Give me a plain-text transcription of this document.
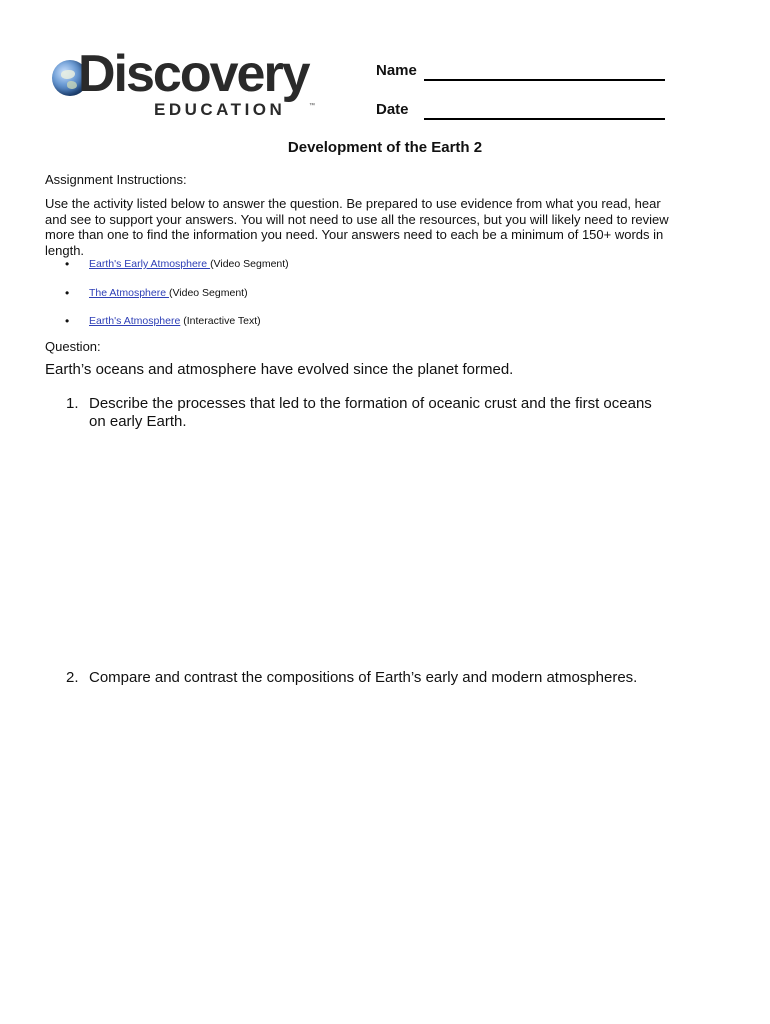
Discovery
EDUCATION	™
Name
Date
Development of the Earth 2
Assignment Instructions:
Use the activity listed below to answer the question. Be prepared to use evidence from what you read, hear and see to support your answers. You will not need to use all the resources, but you will likely need to review more than one to find the information you need. Your answers need to each be a minimum of 150+ words in length.
• Earth's Early Atmosphere (Video Segment)
• The Atmosphere (Video Segment)
• Earth's Atmosphere (Interactive Text)
Question:
Earth’s oceans and atmosphere have evolved since the planet formed.
1. Describe the processes that led to the formation of oceanic crust and the first oceans on early Earth.
2. Compare and contrast the compositions of Earth’s early and modern atmospheres.
